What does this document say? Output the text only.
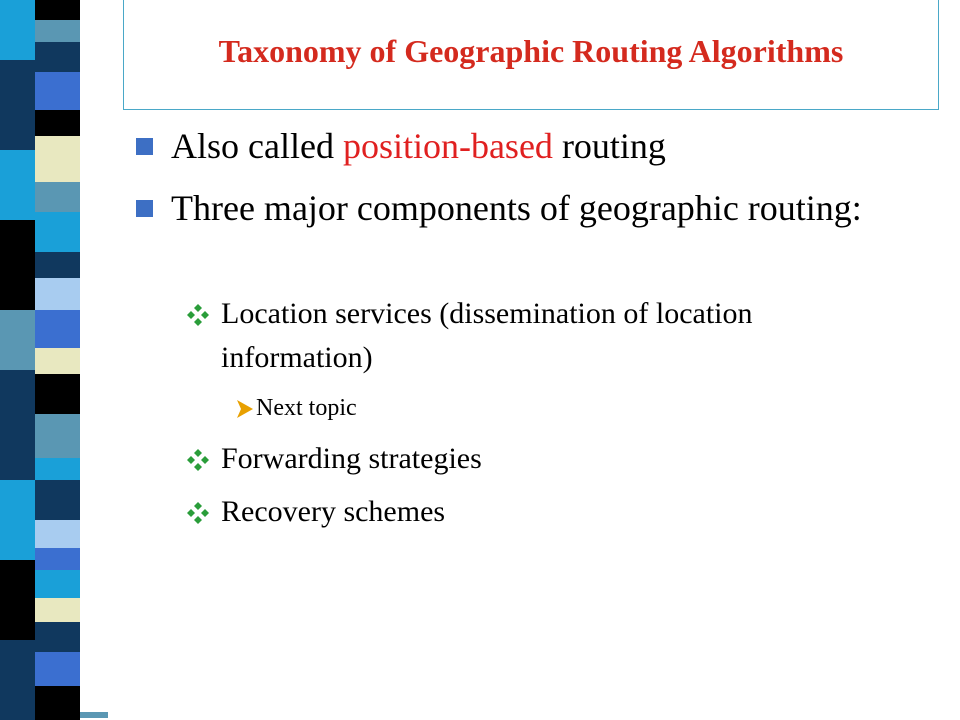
Taxonomy of Geographic Routing Algorithms
Also called position-based routing
Three major components of geographic routing:
Location services (dissemination of location information)
Next topic
Forwarding strategies
Recovery schemes
